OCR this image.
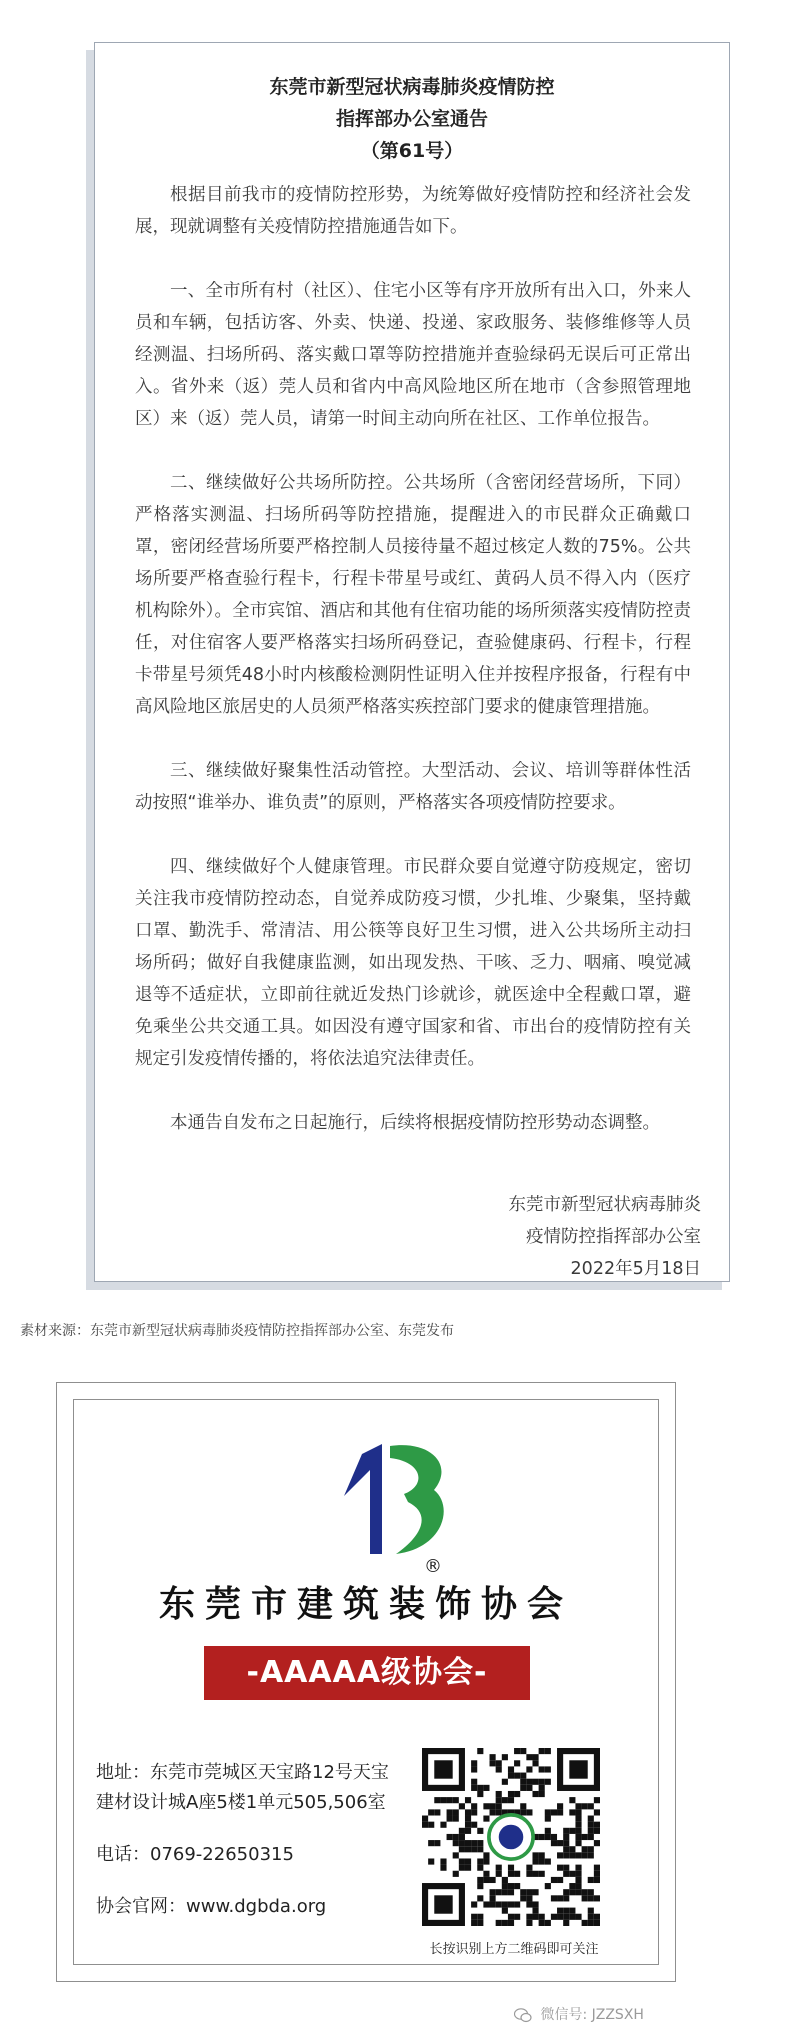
东莞市新型冠状病毒肺炎疫情防控
指挥部办公室通告
（第61号）

根据目前我市的疫情防控形势，为统筹做好疫情防控和经济社会发展，现就调整有关疫情防控措施通告如下。

一、全市所有村（社区）、住宅小区等有序开放所有出入口，外来人员和车辆，包括访客、外卖、快递、投递、家政服务、装修维修等人员经测温、扫场所码、落实戴口罩等防控措施并查验绿码无误后可正常出入。省外来（返）莞人员和省内中高风险地区所在地市（含参照管理地区）来（返）莞人员，请第一时间主动向所在社区、工作单位报告。

二、继续做好公共场所防控。公共场所（含密闭经营场所，下同）严格落实测温、扫场所码等防控措施，提醒进入的市民群众正确戴口罩，密闭经营场所要严格控制人员接待量不超过核定人数的75%。公共场所要严格查验行程卡，行程卡带星号或红、黄码人员不得入内（医疗机构除外）。全市宾馆、酒店和其他有住宿功能的场所须落实疫情防控责任，对住宿客人要严格落实扫场所码登记，查验健康码、行程卡，行程卡带星号须凭48小时内核酸检测阴性证明入住并按程序报备，行程有中高风险地区旅居史的人员须严格落实疾控部门要求的健康管理措施。

三、继续做好聚集性活动管控。大型活动、会议、培训等群体性活动按照“谁举办、谁负责”的原则，严格落实各项疫情防控要求。

四、继续做好个人健康管理。市民群众要自觉遵守防疫规定，密切关注我市疫情防控动态，自觉养成防疫习惯，少扎堆、少聚集，坚持戴口罩、勤洗手、常清洁、用公筷等良好卫生习惯，进入公共场所主动扫场所码；做好自我健康监测，如出现发热、干咳、乏力、咽痛、嗅觉减退等不适症状，立即前往就近发热门诊就诊，就医途中全程戴口罩，避免乘坐公共交通工具。如因没有遵守国家和省、市出台的疫情防控有关规定引发疫情传播的，将依法追究法律责任。

本通告自发布之日起施行，后续将根据疫情防控形势动态调整。

东莞市新型冠状病毒肺炎
疫情防控指挥部办公室
2022年5月18日
素材来源：东莞市新型冠状病毒肺炎疫情防控指挥部办公室、东莞发布
®
东莞市建筑装饰协会
-AAAAA级协会-
地址：东莞市莞城区天宝路12号天宝建材设计城A座5楼1单元505,506室
电话：0769-22650315
协会官网：www.dgbda.org
长按识别上方二维码即可关注
微信号: JZZSXH
